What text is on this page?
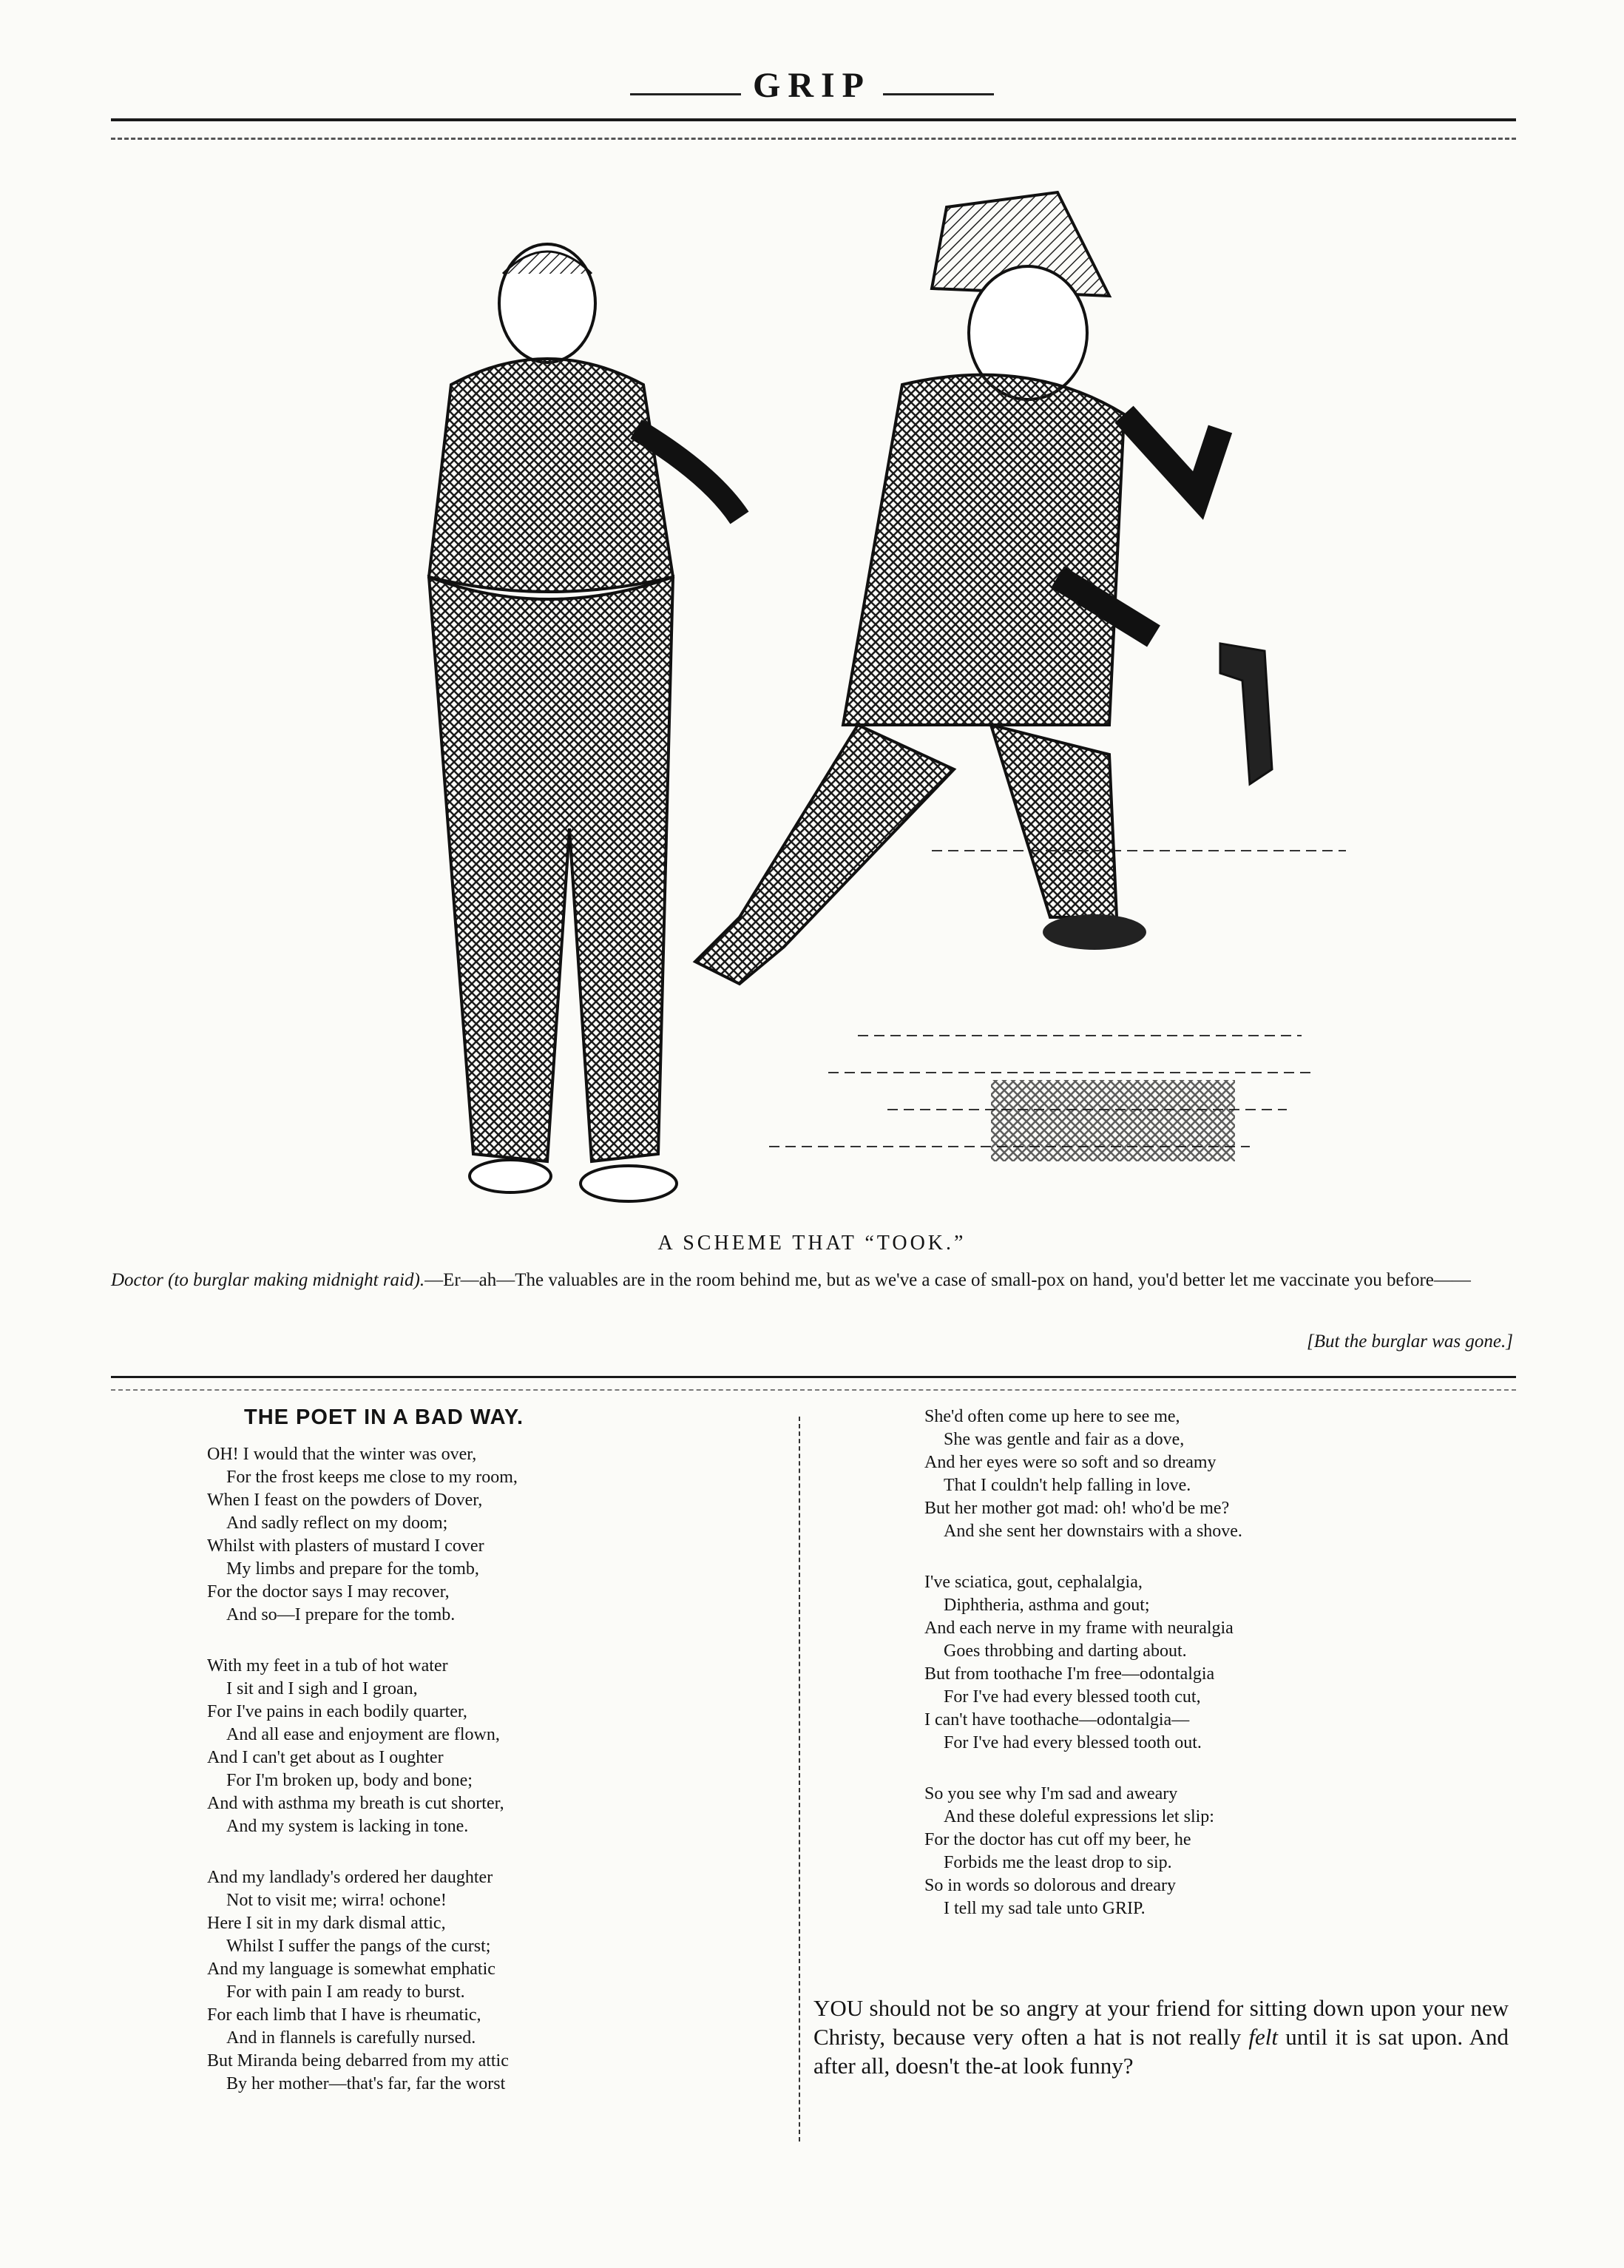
GRIP
A SCHEME THAT “TOOK.”
Doctor (to burglar making midnight raid).—Er—ah—The valuables are in the room behind me, but as we've a case of small-pox on hand, you'd better let me vaccinate you before——
[But the burglar was gone.]
THE POET IN A BAD WAY.
OH! I would that the winter was over,
For the frost keeps me close to my room,
When I feast on the powders of Dover,
And sadly reflect on my doom;
Whilst with plasters of mustard I cover
My limbs and prepare for the tomb,
For the doctor says I may recover,
And so—I prepare for the tomb.
With my feet in a tub of hot water
I sit and I sigh and I groan,
For I've pains in each bodily quarter,
And all ease and enjoyment are flown,
And I can't get about as I oughter
For I'm broken up, body and bone;
And with asthma my breath is cut shorter,
And my system is lacking in tone.
And my landlady's ordered her daughter
Not to visit me; wirra! ochone!
Here I sit in my dark dismal attic,
Whilst I suffer the pangs of the curst;
And my language is somewhat emphatic
For with pain I am ready to burst.
For each limb that I have is rheumatic,
And in flannels is carefully nursed.
But Miranda being debarred from my attic
By her mother—that's far, far the worst
She'd often come up here to see me,
She was gentle and fair as a dove,
And her eyes were so soft and so dreamy
That I couldn't help falling in love.
But her mother got mad: oh! who'd be me?
And she sent her downstairs with a shove.
I've sciatica, gout, cephalalgia,
Diphtheria, asthma and gout;
And each nerve in my frame with neuralgia
Goes throbbing and darting about.
But from toothache I'm free—odontalgia
For I've had every blessed tooth cut,
I can't have toothache—odontalgia—
For I've had every blessed tooth out.
So you see why I'm sad and aweary
And these doleful expressions let slip:
For the doctor has cut off my beer, he
Forbids me the least drop to sip.
So in words so dolorous and dreary
I tell my sad tale unto GRIP.
YOU should not be so angry at your friend for sitting down upon your new Christy, because very often a hat is not really felt until it is sat upon. And after all, doesn't the-at look funny?
